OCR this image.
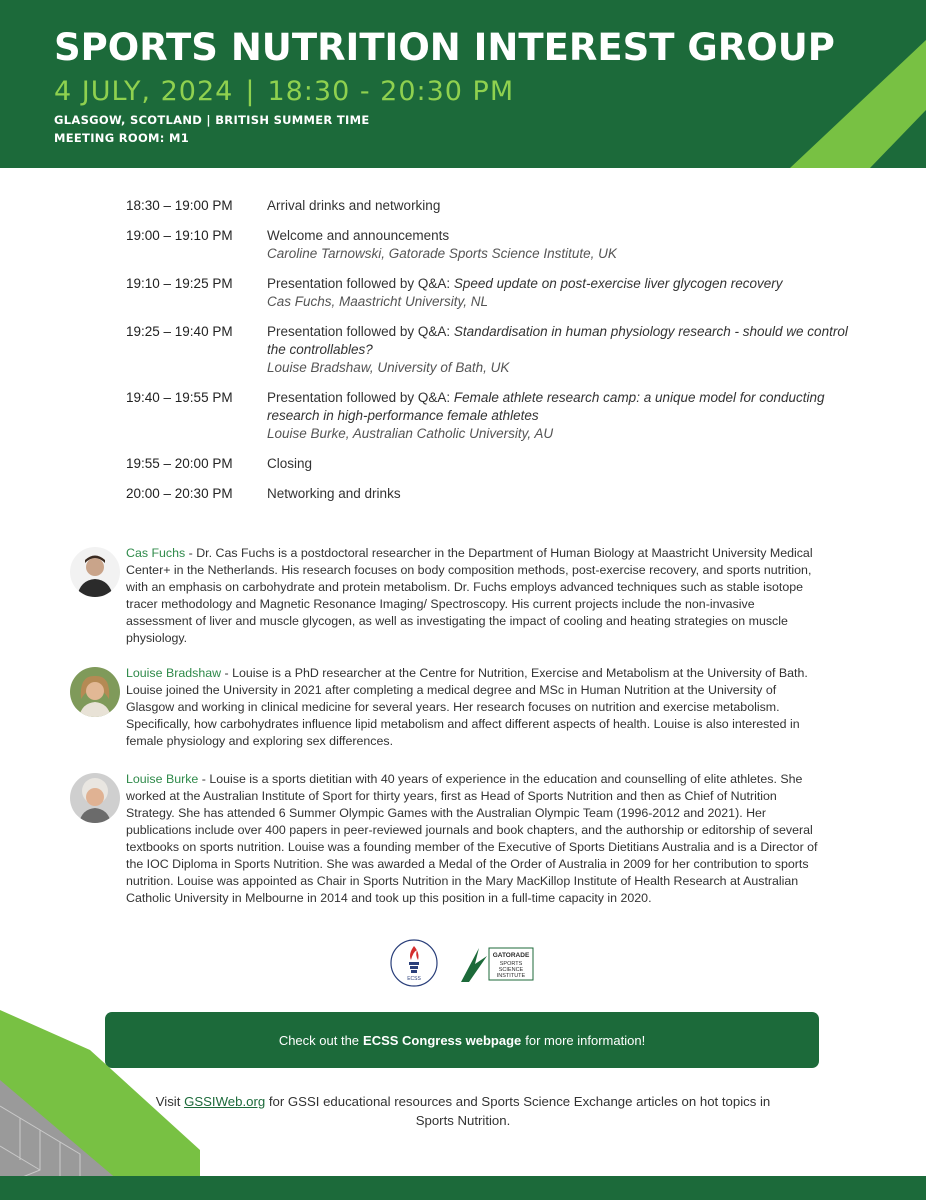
SPORTS NUTRITION INTEREST GROUP
4 JULY, 2024 | 18:30 - 20:30 PM
GLASGOW, SCOTLAND | BRITISH SUMMER TIME
MEETING ROOM: M1
18:30 – 19:00 PM	Arrival drinks and networking
19:00 – 19:10 PM	Welcome and announcements
Caroline Tarnowski, Gatorade Sports Science Institute, UK
19:10 – 19:25 PM	Presentation followed by Q&A: Speed update on post-exercise liver glycogen recovery
Cas Fuchs, Maastricht University, NL
19:25 – 19:40 PM	Presentation followed by Q&A: Standardisation in human physiology research - should we control the controllables?
Louise Bradshaw, University of Bath, UK
19:40 – 19:55 PM	Presentation followed by Q&A: Female athlete research camp: a unique model for conducting research in high-performance female athletes
Louise Burke, Australian Catholic University, AU
19:55 – 20:00 PM	Closing
20:00 – 20:30 PM	Networking and drinks
Cas Fuchs - Dr. Cas Fuchs is a postdoctoral researcher in the Department of Human Biology at Maastricht University Medical Center+ in the Netherlands. His research focuses on body composition methods, post-exercise recovery, and sports nutrition, with an emphasis on carbohydrate and protein metabolism. Dr. Fuchs employs advanced techniques such as stable isotope tracer methodology and Magnetic Resonance Imaging/ Spectroscopy. His current projects include the non-invasive assessment of liver and muscle glycogen, as well as investigating the impact of cooling and heating strategies on muscle physiology.
Louise Bradshaw - Louise is a PhD researcher at the Centre for Nutrition, Exercise and Metabolism at the University of Bath. Louise joined the University in 2021 after completing a medical degree and MSc in Human Nutrition at the University of Glasgow and working in clinical medicine for several years. Her research focuses on nutrition and exercise metabolism. Specifically, how carbohydrates influence lipid metabolism and affect different aspects of health. Louise is also interested in female physiology and exploring sex differences.
Louise Burke - Louise is a sports dietitian with 40 years of experience in the education and counselling of elite athletes. She worked at the Australian Institute of Sport for thirty years, first as Head of Sports Nutrition and then as Chief of Nutrition Strategy. She has attended 6 Summer Olympic Games with the Australian Olympic Team (1996-2012 and 2021). Her publications include over 400 papers in peer-reviewed journals and book chapters, and the authorship or editorship of several textbooks on sports nutrition. Louise was a founding member of the Executive of Sports Dietitians Australia and is a Director of the IOC Diploma in Sports Nutrition. She was awarded a Medal of the Order of Australia in 2009 for her contribution to sports nutrition. Louise was appointed as Chair in Sports Nutrition in the Mary MacKillop Institute of Health Research at Australian Catholic University in Melbourne in 2014 and took up this position in a full-time capacity in 2020.
ECSS
GATORADE
SPORTS
SCIENCE
INSTITUTE
Check out the ECSS Congress webpage for more information!
Visit GSSIWeb.org for GSSI educational resources and Sports Science Exchange articles on hot topics in Sports Nutrition.
